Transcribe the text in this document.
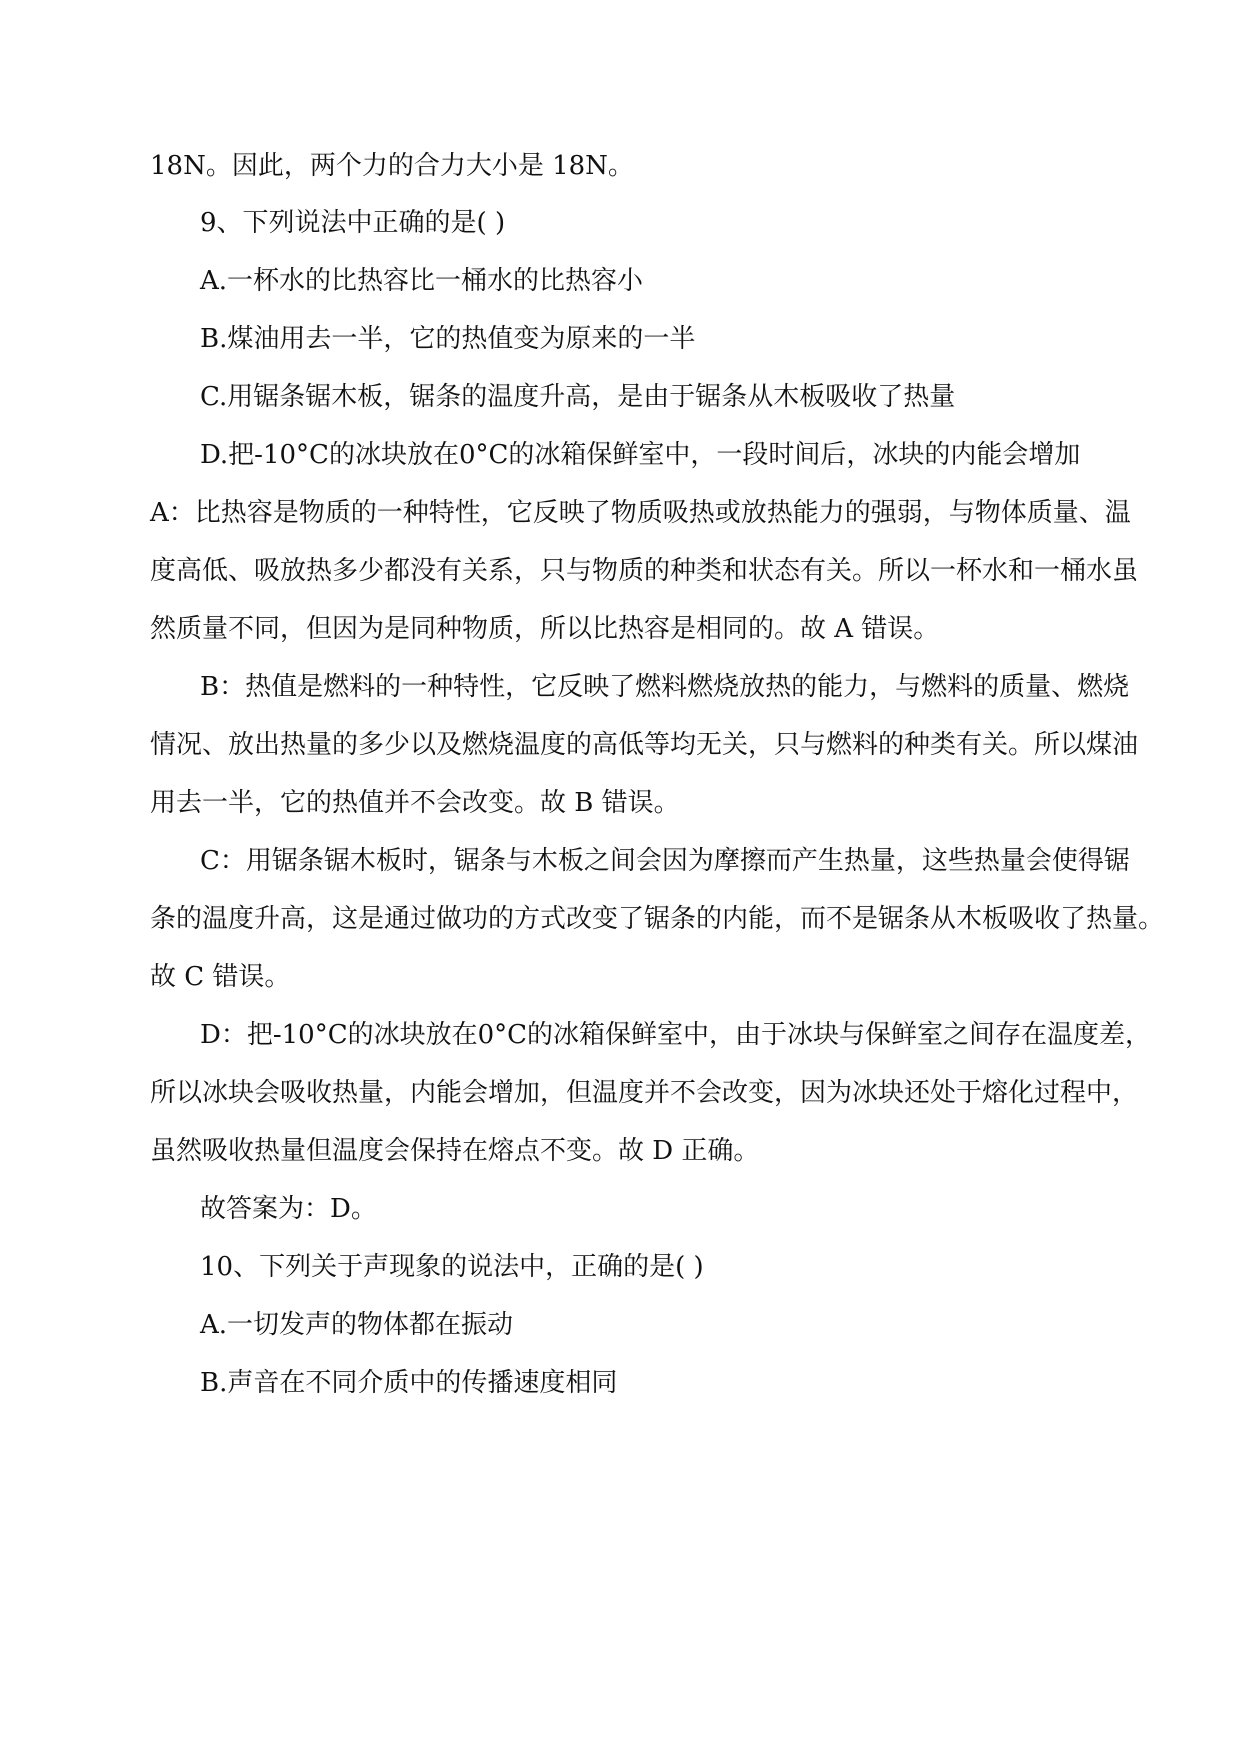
18N。因此，两个力的合力大小是 18N。

9、下列说法中正确的是( )

A.一杯水的比热容比一桶水的比热容小

B.煤油用去一半，它的热值变为原来的一半

C.用锯条锯木板，锯条的温度升高，是由于锯条从木板吸收了热量

D.把-10°C的冰块放在0°C的冰箱保鲜室中，一段时间后，冰块的内能会增加

A：比热容是物质的一种特性，它反映了物质吸热或放热能力的强弱，与物体质量、温

度高低、吸放热多少都没有关系，只与物质的种类和状态有关。所以一杯水和一桶水虽

然质量不同，但因为是同种物质，所以比热容是相同的。故 A 错误。

B：热值是燃料的一种特性，它反映了燃料燃烧放热的能力，与燃料的质量、燃烧

情况、放出热量的多少以及燃烧温度的高低等均无关，只与燃料的种类有关。所以煤油

用去一半，它的热值并不会改变。故 B 错误。

C：用锯条锯木板时，锯条与木板之间会因为摩擦而产生热量，这些热量会使得锯

条的温度升高，这是通过做功的方式改变了锯条的内能，而不是锯条从木板吸收了热量。

故 C 错误。

D：把-10°C的冰块放在0°C的冰箱保鲜室中，由于冰块与保鲜室之间存在温度差，

所以冰块会吸收热量，内能会增加，但温度并不会改变，因为冰块还处于熔化过程中，

虽然吸收热量但温度会保持在熔点不变。故 D 正确。

故答案为：D。

10、下列关于声现象的说法中，正确的是( )

A.一切发声的物体都在振动

B.声音在不同介质中的传播速度相同
